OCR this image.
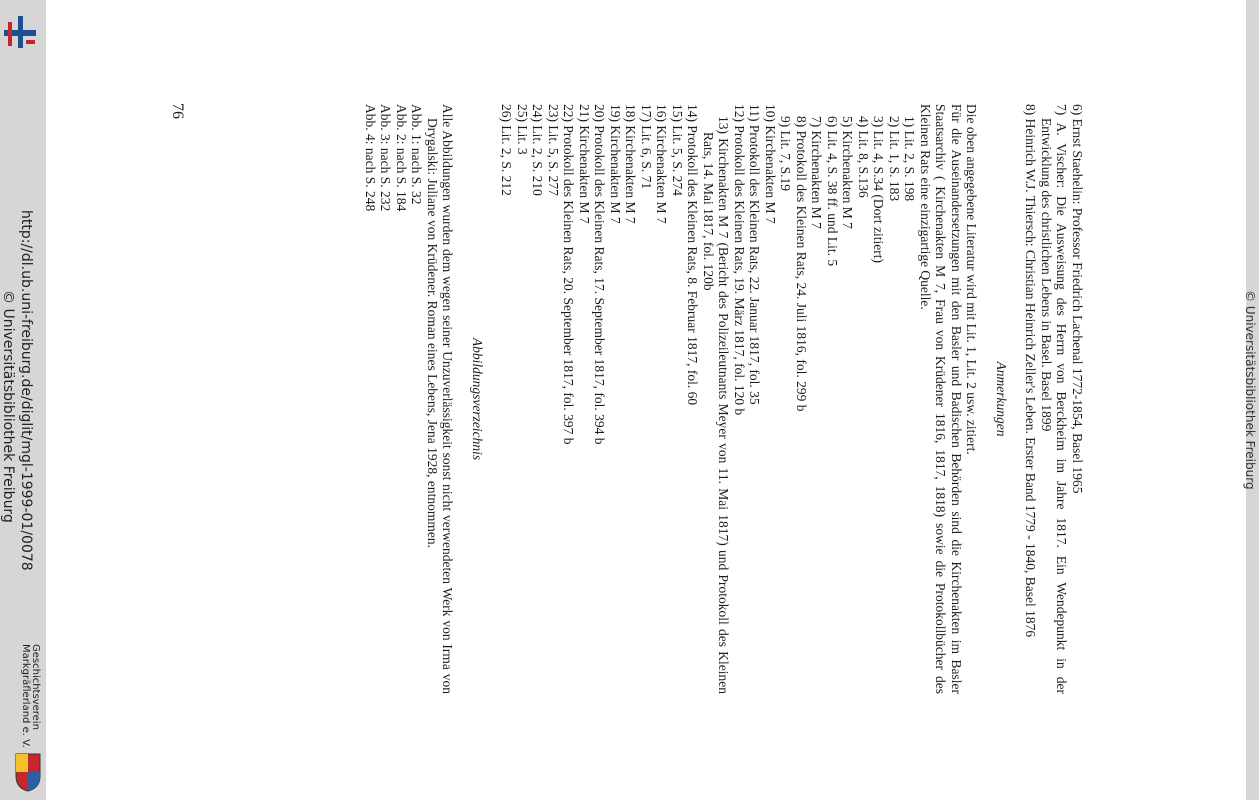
http://dl.ub.uni-freiburg.de/diglit/mgl-1999-01/0078
© Universitätsbibliothek Freiburg
Geschichtsverein
Markgräflerland e. V.
© Universitätsbibliothek Freiburg
76	6) Ernst Staehelin: Professor Friedrich Lachenal 1772-1854, Basel 1965

7) A. Vischer: Die Ausweisung des Herrn von Berckheim im Jahre 1817. Ein Wendepunkt in der Entwicklung des christlichen Lebens in Basel. Basel 1899

8) Heinrich W.J. Thiersch: Christian Heinrich Zeller's Leben. Erster Band 1779 - 1840, Basel 1876

Anmerkungen

Die oben angegebene Literatur wird mit Lit. 1, Lit. 2 usw. zitiert.

Für die Auseinandersetzungen mit den Basler und Badischen Behörden sind die Kirchenakten im Basler Staatsarchiv ( Kirchenakten M 7, Frau von Krüdener 1816, 1817, 1818) sowie die Protokollbücher des Kleinen Rats eine einzigartige Quelle.

1) Lit. 2, S. 198

2) Lit. 1, S. 183

3) Lit. 4, S.34 (Dort zitiert)

4) Lit. 8, S.136

5) Kirchenakten M 7

6) Lit. 4, S. 38 ff. und Lit. 5

7) Kirchenakten M 7

8) Protokoll des Kleinen Rats, 24. Juli 1816, fol. 299 b

9) Lit. 7, S.19

10) Kirchenakten M 7

11) Protokoll des Kleinen Rats, 22. Januar 1817, fol. 35

12) Protokoll des Kleinen Rats, 19. März 1817, fol. 120 b

13) Kirchenakten M 7 (Bericht des Polizeileutnants Meyer von 11. Mai 1817) und Protokoll des Kleinen Rats, 14. Mai 1817, fol. 120b

14) Protokoll des Kleinen Rats, 8. Februar 1817, fol. 60

15) Lit. 5, S. 274

16) Kirchenakten M 7

17) Lit. 6, S. 71

18) Kirchenakten M 7

19) Kirchenakten M 7

20) Protokoll des Kleinen Rats, 17. September 1817, fol. 394 b

21) Kirchenakten M 7

22) Protokoll des Kleinen Rats, 20. September 1817, fol. 397 b

23) Lit. 5, S. 277

24) Lit. 2, S. 210

25) Lit. 3

26) Lit. 2, S. 212

Abbildungsverzeichnis

Alle Abbildungen wurden dem wegen seiner Unzuverlässigkeit sonst nicht verwendeten Werk von Irma von Drygalski: Juliane von Krüdener. Roman eines Lebens, Jena 1928, entnommen.

Abb. 1: nach S. 32

Abb. 2: nach S. 184

Abb. 3: nach S. 232

Abb. 4: nach S. 248
